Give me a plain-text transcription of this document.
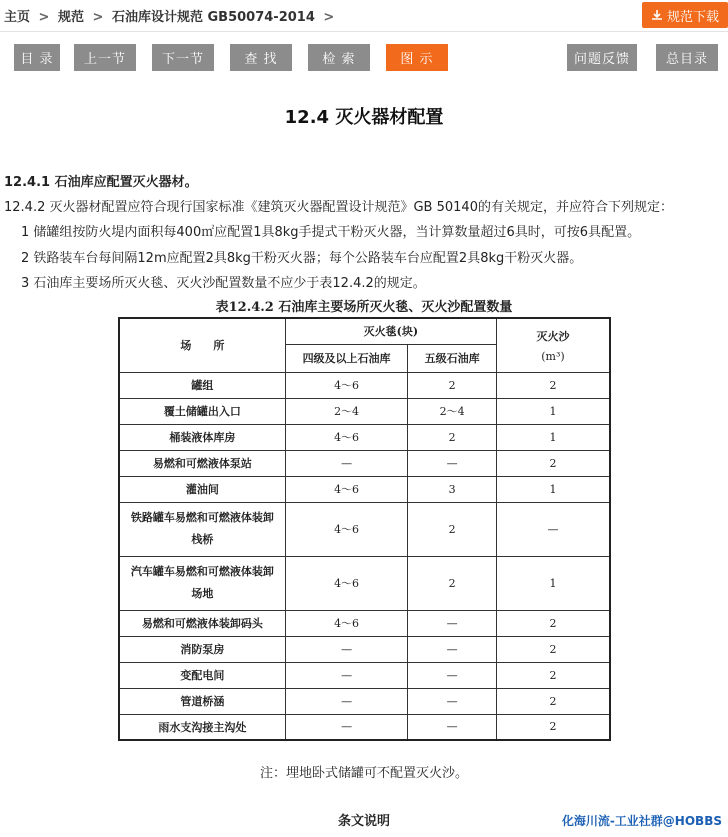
主页 > 规范 > 石油库设计规范 GB50074-2014 >	规范下载
目 录	上一节	下一节	查 找	检 索	图 示	问题反馈	总目录
12.4 灭火器材配置
12.4.1 石油库应配置灭火器材。
12.4.2 灭火器材配置应符合现行国家标准《建筑灭火器配置设计规范》GB 50140的有关规定，并应符合下列规定：
1 储罐组按防火堤内面积每400㎡应配置1具8kg手提式干粉灭火器，当计算数量超过6具时，可按6具配置。
2 铁路装车台每间隔12m应配置2具8kg干粉灭火器；每个公路装车台应配置2具8kg干粉灭火器。
3 石油库主要场所灭火毯、灭火沙配置数量不应少于表12.4.2的规定。
表12.4.2 石油库主要场所灭火毯、灭火沙配置数量
场　　所	灭火毯(块)		灭火沙
(m³)

	四级及以上石油库	五级石油库	
罐组	4～6	2	2
覆土储罐出入口	2～4	2～4	1
桶装液体库房	4～6	2	1
易燃和可燃液体泵站	—	—	2
灌油间	4～6	3	1
铁路罐车易燃和可燃液体装卸栈桥	4～6	2	—
汽车罐车易燃和可燃液体装卸场地	4～6	2	1
易燃和可燃液体装卸码头	4～6	—	2
消防泵房	—	—	2
变配电间	—	—	2
管道桥涵	—	—	2
雨水支沟接主沟处	—	—	2
注：埋地卧式储罐可不配置灭火沙。
条文说明	化海川流-工业社群@HOBBS
